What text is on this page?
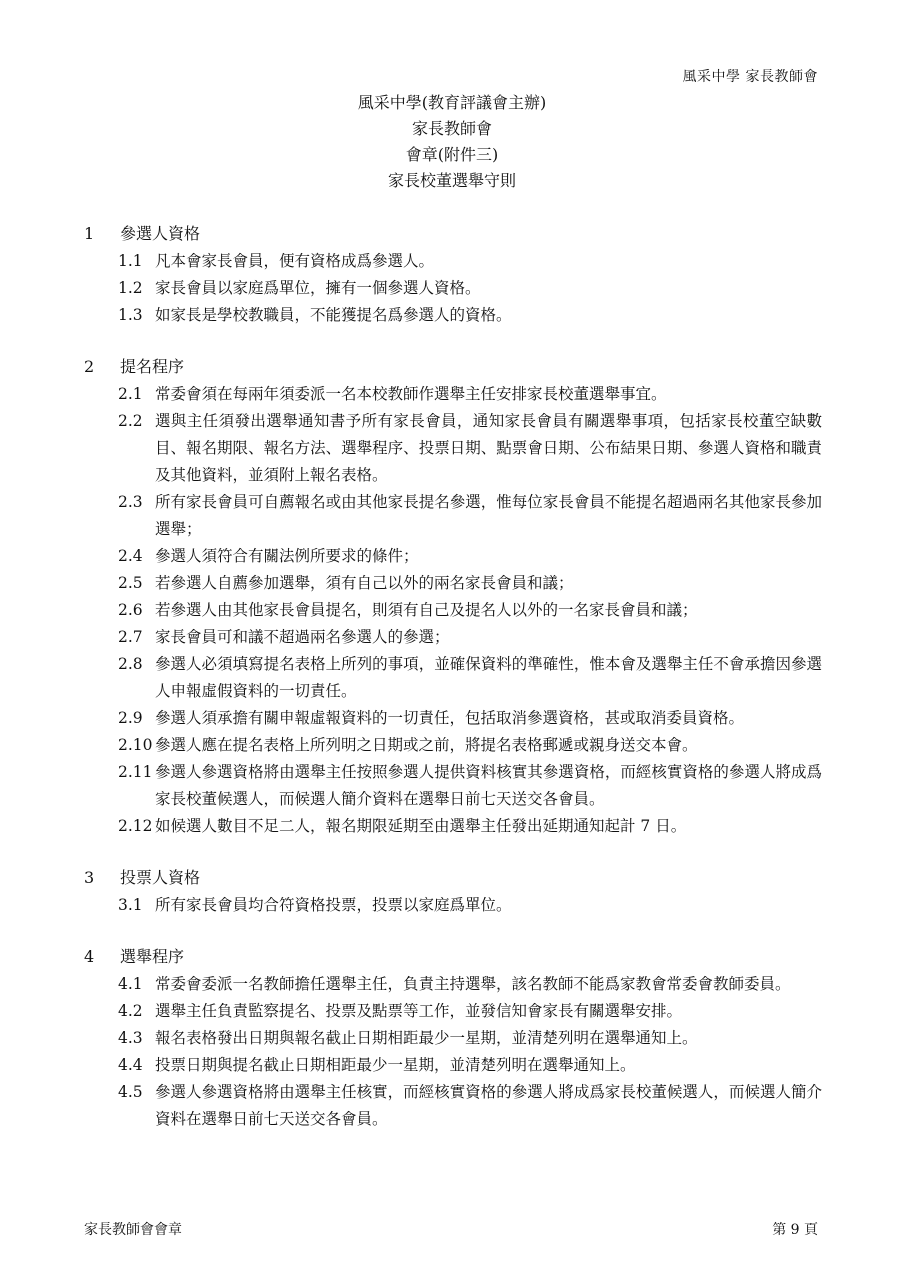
風采中學 家長教師會
風采中學(教育評議會主辦)
家長教師會
會章(附件三)
家長校董選舉守則
1 參選人資格
1.1 凡本會家長會員，便有資格成爲參選人。
1.2 家長會員以家庭爲單位，擁有一個參選人資格。
1.3 如家長是學校教職員，不能獲提名爲參選人的資格。
2 提名程序
2.1 常委會須在每兩年須委派一名本校教師作選舉主任安排家長校董選舉事宜。
2.2 選與主任須發出選舉通知書予所有家長會員，通知家長會員有關選舉事項，包括家長校董空缺數目、報名期限、報名方法、選舉程序、投票日期、點票會日期、公布結果日期、參選人資格和職責及其他資料，並須附上報名表格。
2.3 所有家長會員可自薦報名或由其他家長提名參選，惟每位家長會員不能提名超過兩名其他家長參加選舉；
2.4 參選人須符合有關法例所要求的條件；
2.5 若參選人自薦參加選舉，須有自己以外的兩名家長會員和議；
2.6 若參選人由其他家長會員提名，則須有自己及提名人以外的一名家長會員和議；
2.7 家長會員可和議不超過兩名參選人的參選；
2.8 參選人必須填寫提名表格上所列的事項，並確保資料的準確性，惟本會及選舉主任不會承擔因參選人申報虛假資料的一切責任。
2.9 參選人須承擔有關申報虛報資料的一切責任，包括取消參選資格，甚或取消委員資格。
2.10 參選人應在提名表格上所列明之日期或之前，將提名表格郵遞或親身送交本會。
2.11 參選人參選資格將由選舉主任按照參選人提供資料核實其參選資格，而經核實資格的參選人將成爲家長校董候選人，而候選人簡介資料在選舉日前七天送交各會員。
2.12 如候選人數目不足二人，報名期限延期至由選舉主任發出延期通知起計 7 日。
3 投票人資格
3.1 所有家長會員均合符資格投票，投票以家庭爲單位。
4 選舉程序
4.1 常委會委派一名教師擔任選舉主任，負責主持選舉，該名教師不能爲家教會常委會教師委員。
4.2 選舉主任負責監察提名、投票及點票等工作，並發信知會家長有關選舉安排。
4.3 報名表格發出日期與報名截止日期相距最少一星期，並清楚列明在選舉通知上。
4.4 投票日期與提名截止日期相距最少一星期，並清楚列明在選舉通知上。
4.5 參選人參選資格將由選舉主任核實，而經核實資格的參選人將成爲家長校董候選人，而候選人簡介資料在選舉日前七天送交各會員。
家長教師會會章	第 9 頁
